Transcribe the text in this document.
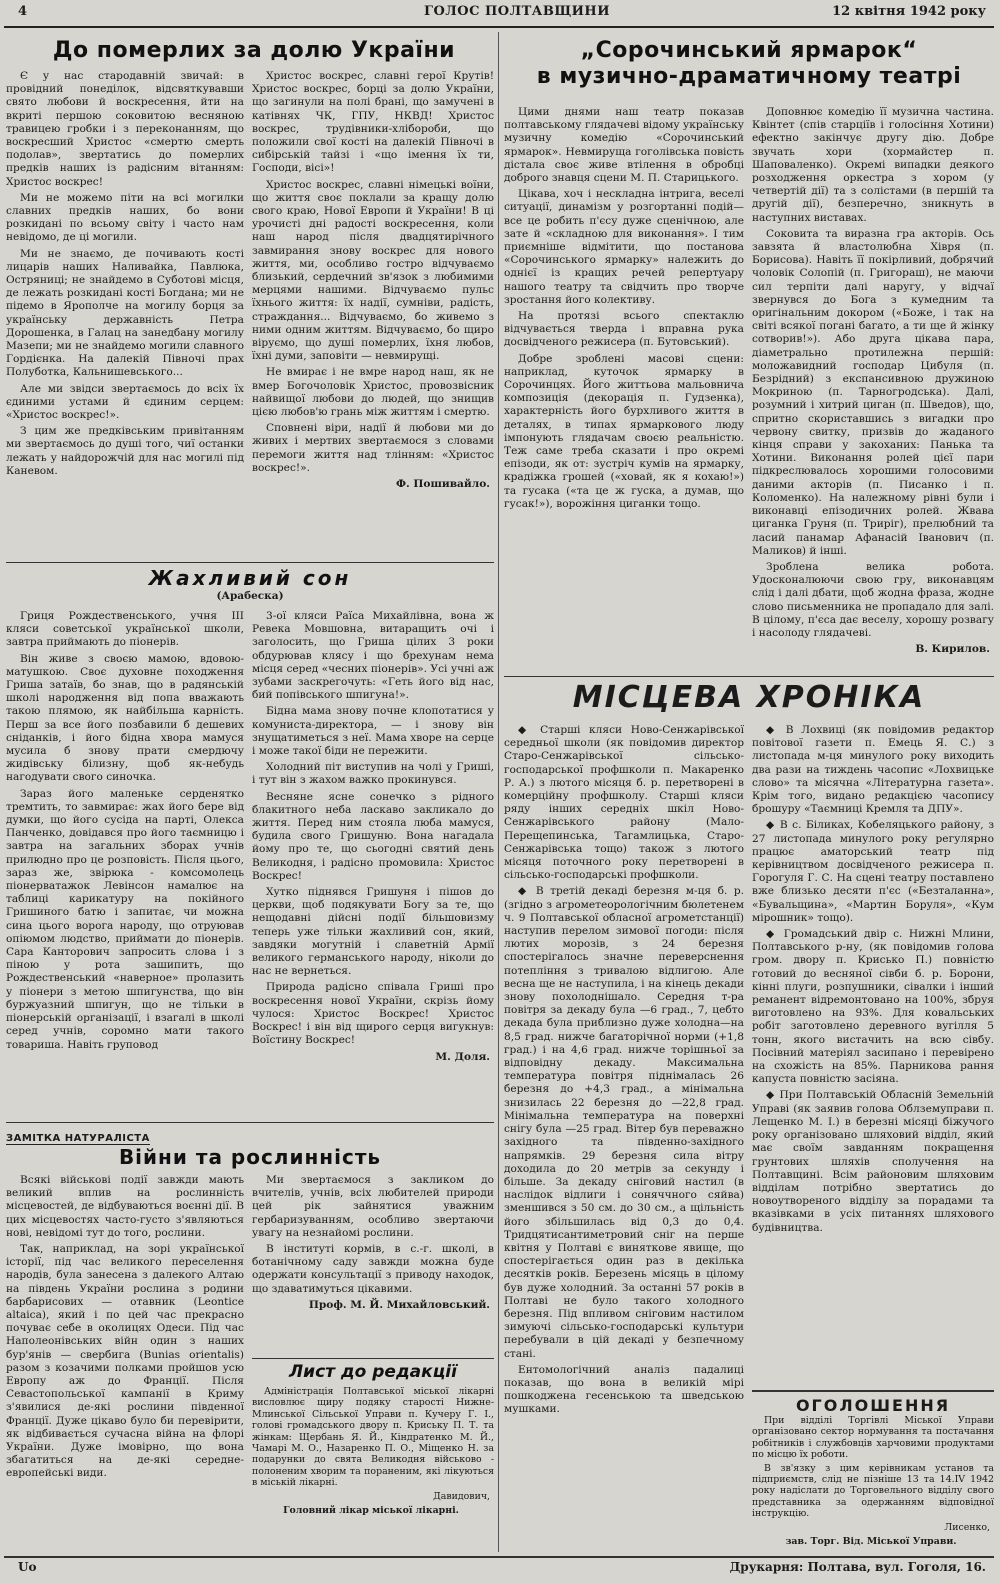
4	ГОЛОС ПОЛТАВЩИНИ	12 квітня 1942 року
До померлих за долю України

Є у нас стародавній звичай: в провідний понеділок, відсвяткувавши свято любови й воскресення, йти на вкриті першою соковитою весняною травицею гробки і з переконанням, що воскресший Христос «смертю смерть подолав», звертатись до померлих предків наших із радісним вітанням: Христос воскрес!

Ми не можемо піти на всі могилки славних предків наших, бо вони розкидані по всьому світу і часто нам невідомо, де ці могили.

Ми не знаємо, де почивають кості лицарів наших Наливайка, Павлюка, Остряниці; не знайдемо в Суботові місця, де лежать розкидані кості Богдана; ми не підемо в Ярополче на могилу борця за українську державність Петра Дорошенка, в Галац на занедбану могилу Мазепи; ми не знайдемо могили славного Гордієнка. На далекій Півночі прах Полуботка, Кальнишевського...

Але ми звідси звертаємось до всіх їх єдиними устами й єдиним серцем: «Христос воскрес!».

З цим же предківським привітанням ми звертаємось до душі того, чиї останки лежать у найдорожчій для нас могилі під Каневом.

Христос воскрес, славні герої Крутів! Христос воскрес, борці за долю України, що загинули на полі брані, що замучені в катівнях ЧК, ГПУ, НКВД! Христос воскрес, трудівники-хлібороби, що положили свої кості на далекій Півночі в сибірській тайзі і «що імення їх ти, Господи, вісі»!

Христос воскрес, славні німецькі воїни, що життя своє поклали за кращу долю свого краю, Нової Европи й України! В ці урочисті дні радості воскресення, коли наш народ після двадцятирічного завмирання знову воскрес для нового життя, ми, особливо гостро відчуваємо близький, сердечний зв'язок з любимими мерцями нашими. Відчуваємо пульс їхнього життя: їх надії, сумніви, радість, страждання... Відчуваємо, бо живемо з ними одним життям. Відчуваємо, бо щиро віруємо, що душі померлих, їхня любов, їхні думи, заповіти — невмирущі.

Не вмирає і не вмре народ наш, як не вмер Богочоловік Христос, провозвісник найвищої любови до людей, що знищив цією любов'ю грань між життям і смертю.

Сповнені віри, надії й любови ми до живих і мертвих звертаємося з словами перемоги життя над тлінням: «Христос воскрес!».

Ф. Пошивайло.
Жахливий сон
(Арабеска)

Гриця Рождественського, учня III кляси советської української школи, завтра приймають до піонерів.

Він живе з своєю мамою, вдовою-матушкою. Своє духовне походження Гриша затаїв, бо знав, що в радянській школі народження від попа вважають такою плямою, як найбільша карність. Перш за все його позбавили б дешевих сніданків, і його бідна хвора мамуся мусила б знову прати смердючу жидівську білизну, щоб як-небудь нагодувати свого синочка.

Зараз його маленьке серденятко тремтить, то завмирає: жах його бере від думки, що його сусіда на парті, Олекса Панченко, довідався про його таємницю і завтра на загальних зборах учнів прилюдно про це розповість. Після цього, зараз же, звірюка - комсомолець піонерватажок Левінсон намалює на таблиці карикатуру на покійного Гришиного батю і запитає, чи можна сина цього ворога народу, що отруював опіюмом людство, приймати до піонерів. Сара Канторович запросить слова і з піною у рота зашипить, що Рождественський «наверное» пролазить у піонери з метою шпигунства, що він буржуазний шпигун, що не тільки в піонерській організації, і взагалі в школі серед учнів, соромно мати такого товариша. Навіть груповод

3-ої кляси Раїса Михайлівна, вона ж Ревека Мовшовна, витаращить очі і заголосить, що Гриша цілих 3 роки обдурював клясу і що брехунам нема місця серед «чесних піонерів». Усі учні аж зубами заскрегочуть: «Геть його від нас, бий попівського шпигуна!».

Бідна мама знову почне клопотатися у комуниста-директора, — і знову він знущатиметься з неї. Мама хворе на серце і може такої біди не пережити.

Холодний піт виступив на чолі у Гриші, і тут він з жахом важко прокинувся.

Весняне ясне сонечко з рідного блакитного неба ласкаво закликало до життя. Перед ним стояла люба мамуся, будила свого Гришуню. Вона нагадала йому про те, що сьогодні святий день Великодня, і радісно промовила: Христос Воскрес!

Хутко піднявся Гришуня і пішов до церкви, щоб подякувати Богу за те, що нещодавні дійсні події більшовизму теперь уже тільки жахливий сон, який, завдяки могутній і славетній Армії великого германського народу, ніколи до нас не вернеться.

Природа радісно співала Гриші про воскресення нової України, скрізь йому чулося: Христос Воскрес! Христос Воскрес! і він від щирого серця вигукнув: Воїстину Воскрес!

М. Доля.
ЗАМІТКА НАТУРАЛІСТА
Війни та рослинність

Всякі військові події завжди мають великий вплив на рослинність місцевостей, де відбуваються воєнні дії. В цих місцевостях часто-густо з'являються нові, невідомі тут до того, рослини.

Так, наприклад, на зорі української історії, під час великого переселення народів, була занесена з далекого Алтаю на південь України рослина з родини барбарисових — отавник (Leontice altaica), який і по цей час прекрасно почуває себе в околицях Одеси. Під час Наполеонівських війн один з наших бур'янів — свербига (Bunias orientalis) разом з козачими полками пройшов усю Европу аж до Франції. Після Севастопольської кампанії в Криму з'явилися де-які рослини південної Франції. Дуже цікаво було би перевірити, як відбивається сучасна війна на флорі України. Дуже імовірно, що вона збагатиться на де-які середне-европейські види.

Ми звертаємося з закликом до вчителів, учнів, всіх любителей природи цей рік зайнятися уважним гербаризуванням, особливо звертаючи увагу на незнайомі рослини.

В інституті кормів, в с.-г. школі, в ботанічному саду завжди можна буде одержати консультації з приводу находок, що здаватимуться цікавими.

Проф. М. Й. Михайловський.
Лист до редакції

Адміністрація Полтавської міської лікарні висловлює щиру подяку старості Нижне-Млинської Сільської Управи п. Кучеру Г. І., голові громадського двору п. Криську П. Т. та жінкам: Щербань Я. Й., Кіндратенко М. Й., Чамарі М. О., Назаренко П. О., Міщенко Н. за подарунки до свята Великодня військово - полоненим хворим та пораненим, які лікуються в міській лікарні.

Давидович,
Головний лікар міської лікарні.
„Сорочинський ярмарок“
в музично-драматичному театрі

Цими днями наш театр показав полтавському глядачеві відому українську музичну комедію «Сорочинський ярмарок». Невмируща гоголівська повість дістала своє живе втілення в обробці доброго знавця сцени М. П. Старицького.

Цікава, хоч і нескладна інтрига, веселі ситуації, динамізм у розгортанні подій—все це робить п'єсу дуже сценічною, але зате й «складною для виконання». І тим приємніше відмітити, що постанова «Сорочинського ярмарку» належить до однієї із кращих речей репертуару нашого театру та свідчить про творче зростання його колективу.

На протязі всього спектаклю відчувається тверда і вправна рука досвідченого режисера (п. Бутовський).

Добре зроблені масові сцени: наприклад, куточок ярмарку в Сорочинцях. Його життьова мальовнича композиція (декорація п. Гудзенка), характерність його бурхливого життя в деталях, в типах ярмаркового люду імпонують глядачам своєю реальністю. Теж саме треба сказати і про окремі епізоди, як от: зустріч кумів на ярмарку, крадіжка грошей («ховай, як я кохаю!») та гусака («та це ж гуска, а думав, що гусак!»), ворожіння циганки тощо.

Доповнює комедію її музична частина. Квінтет (спів старціїв і голосіння Хотини) ефектно закінчує другу дію. Добре звучать хори (хормайстер п. Шаповаленко). Окремі випадки деякого розходження оркестра з хором (у четвертій дії) та з солістами (в першій та другій дії), безперечно, зникнуть в наступних виставах.

Соковита та виразна гра акторів. Ось завзята й властолюбна Хівря (п. Борисова). Навіть її покірливий, добрячий чоловік Солопій (п. Григораш), не маючи сил терпіти далі наругу, у відчаї звернувся до Бога з кумедним та оригінальним докором («Боже, і так на світі всякої погані багато, а ти ще й жінку сотворив!»). Або друга цікава пара, діаметрально протилежна першій: моложавидний господар Цибуля (п. Безрідний) з експансивною дружиною Мокриною (п. Тарногродська). Далі, розумний і хитрий циган (п. Шведов), що, спритно скориставшись з вигадки про червону свитку, призвів до жаданого кінця справи у закоханих: Панька та Хотини. Виконання ролей цієї пари підкреслювалось хорошими голосовими даними акторів (п. Писанко і п. Коломенко). На належному рівні були і виконавці епізодичних ролей. Жвава циганка Груня (п. Триріг), прелюбний та ласий панамар Афанасій Іванович (п. Маликов) й інші.

Зроблена велика робота. Удосконалюючи свою гру, виконавцям слід і далі дбати, щоб жодна фраза, жодне слово письменника не пропадало для залі. В цілому, п'єса дає веселу, хорошу розвагу і насолоду глядачеві.

В. Кирилов.
МІСЦЕВА ХРОНІКА

◆ Старші кляси Ново-Сенжарівської середньої школи (як повідомив директор Старо-Сенжарівської сільсько-господарської профшколи п. Макаренко Р. А.) з лютого місяця б. р. перетворені в комерційну профшколу. Старші кляси ряду інших середніх шкіл Ново-Сенжарівського району (Мало-Перещепинська, Тагамлицька, Старо-Сенжарівська тощо) також з лютого місяця поточного року перетворені в сільсько-господарські профшколи.

◆ В третій декаді березня м-ця б. р. (згідно з агрометеорологічним бюлетенем ч. 9 Полтавської обласної агрометстанції) наступив перелом зимової погоди: після лютих морозів, з 24 березня спостерігалось значне переверснення потепління з тривалою відлигою. Але весна ще не наступила, і на кінець декади знову похолоднішало. Середня т-ра повітря за декаду була —6 град., 7, цебто декада була приблизно дуже холодна—на 8,5 град. нижче багаторічної норми (+1,8 град.) і на 4,6 град. нижче торішньої за відповідну декаду. Максимальна температура повітря піднімалась 26 березня до +4,3 град., а мінімальна знизилась 22 березня до —22,8 град. Мінімальна температура на поверхні снігу була —25 град. Вітер був переважно західного та південно-західного напрямків. 29 березня сила вітру доходила до 20 метрів за секунду і більше. За декаду сніговий настил (в наслідок відлиги і соняччного сяйва) зменшився з 50 см. до 30 см., а щільність його збільшилась від 0,3 до 0,4. Тридцятисантиметровий сніг на перше квітня у Полтаві є виняткове явище, що спостерігається один раз в декілька десятків років. Березень місяць в цілому був дуже холодний. За останні 57 років в Полтаві не було такого холодного березня. Під впливом сніговим настилом зимуючі сільсько-господарські культури перебували в цій декаді у безпечному стані.

Ентомологічний аналіз падалиці показав, що вона в великій мірі пошкоджена гесенською та шведською мушками.

◆ В Лохвиці (як повідомив редактор повітової газети п. Емець Я. С.) з листопада м-ця минулого року виходить два рази на тиждень часопис «Лохвицьке слово» та місячна «Літературна газета». Крім того, видано редакцією часопису брошуру «Таємниці Кремля та ДПУ».

◆ В с. Біликах, Кобеляцького району, з 27 листопада минулого року регулярно працює аматорський театр під керівництвом досвідченого режисера п. Горогуля Г. С. На сцені театру поставлено вже близько десяти п'єс («Безталанна», «Бувальщина», «Мартин Боруля», «Кум мірошник» тощо).

◆ Громадський двір с. Нижні Млини, Полтавського р-ну, (як повідомив голова гром. двору п. Криськo П.) повністю готовий до весняної сівби б. р. Борони, кінні плуги, розпушники, сівалки і інший реманент відремонтовано на 100%, збруя виготовлено на 93%. Для ковальських робіт заготовлено деревного вугілля 5 тонн, якого вистачить на всю сівбу. Посівний матеріял засипано і перевірено на схожість на 85%. Парникова рання капуста повністю засіяна.

◆ При Полтавській Обласній Земельній Управі (як заявив голова Облземуправи п. Лещенко М. І.) в березні місяці біжучого року організовано шляховий відділ, який має своїм завданням покращення грунтових шляхів сполучення на Полтавщині. Всім районовим шляховим відділам потрібно звертатись до новоутвореного відділу за порадами та вказівками в усіх питаннях шляхового будівництва.

ОГОЛОШЕННЯ

При відділі Торгівлі Міської Управи організовано сектор нормування та постачання робітників і службовців харчовими продуктами по місцю їх роботи.

В зв'язку з цим керівникам установ та підприємств, слід не пізніше 13 та 14.IV 1942 року надіслати до Торговельного відділу свого представника за одержанням відповідної інструкцію.

Лисенко,
зав. Торг. Від. Міської Управи.
Uo	Друкарня: Полтава, вул. Гоголя, 16.
